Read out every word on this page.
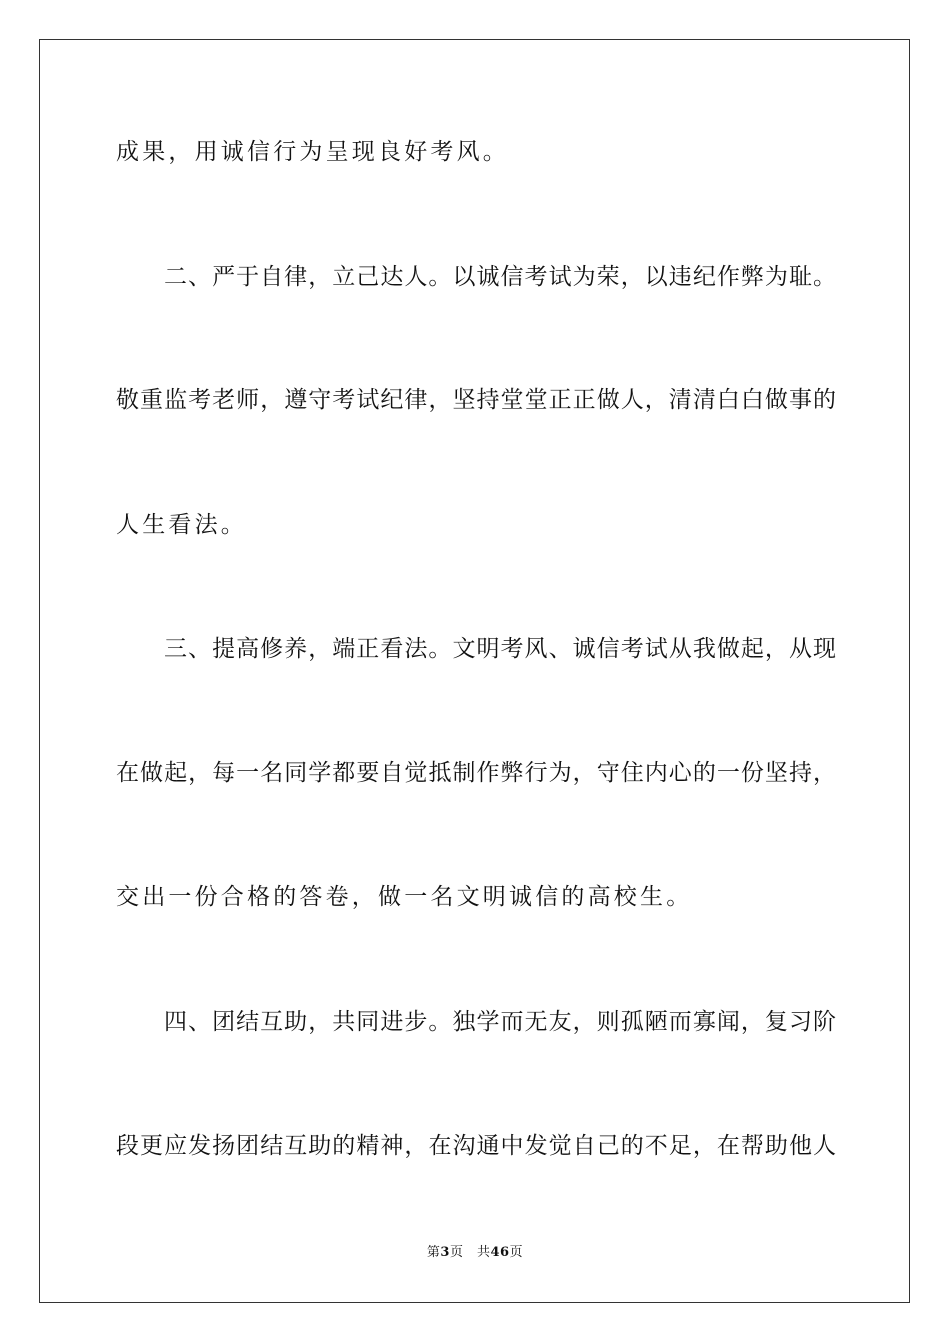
成果，用诚信行为呈现良好考风。
二、严于自律，立己达人。以诚信考试为荣，以违纪作弊为耻。
敬重监考老师，遵守考试纪律，坚持堂堂正正做人，清清白白做事的
人生看法。
三、提高修养，端正看法。文明考风、诚信考试从我做起，从现
在做起，每一名同学都要自觉抵制作弊行为，守住内心的一份坚持，
交出一份合格的答卷，做一名文明诚信的高校生。
四、团结互助，共同进步。独学而无友，则孤陋而寡闻，复习阶
段更应发扬团结互助的精神，在沟通中发觉自己的不足，在帮助他人
第3页　共46页
